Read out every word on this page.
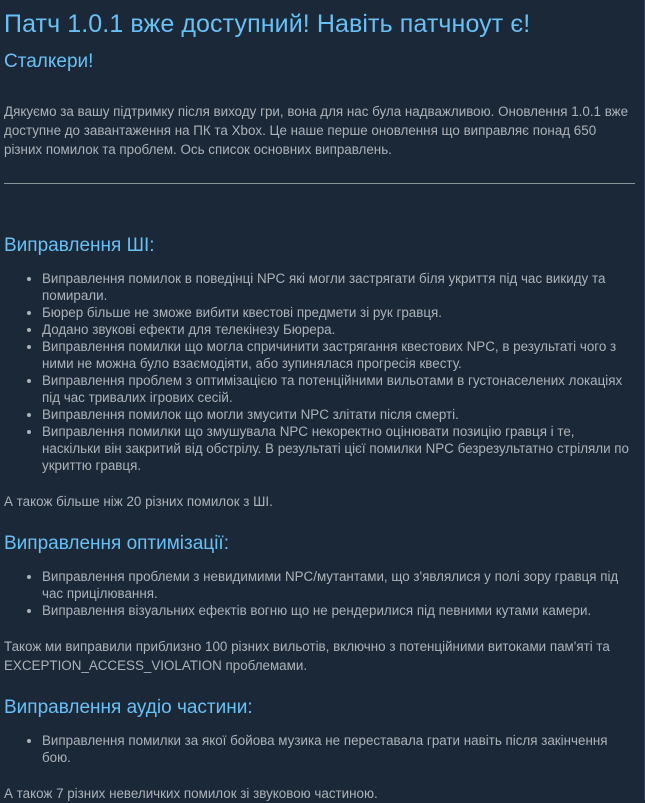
Патч 1.0.1 вже доступний! Навіть патчноут є!
Сталкери!

Дякуємо за вашу підтримку після виходу гри, вона для нас була надважливою. Оновлення 1.0.1 вже доступне до завантаження на ПК та Xbox. Це наше перше оновлення що виправляє понад 650 різних помилок та проблем. Ось список основних виправлень.

Виправлення ШІ:
Виправлення помилок в поведінці NPC які могли застрягати біля укриття під час викиду та помирали.
Бюрер більше не зможе вибити квестові предмети зі рук гравця.
Додано звукові ефекти для телекінезу Бюрера.
Виправлення помилки що могла спричинити застрягання квестових NPC, в результаті чого з ними не можна було взаємодіяти, або зупинялася прогресія квесту.
Виправлення проблем з оптимізацією та потенційними вильотами в густонаселених локаціях під час тривалих ігрових сесій.
Виправлення помилок що могли змусити NPC злітати після смерті.
Виправлення помилки що змушувала NPC некоректно оцінювати позицію гравця і те, наскільки він закритий від обстрілу. В результаті цієї помилки NPC безрезультатно стріляли по укриттю гравця.

А також більше ніж 20 різних помилок з ШІ.

Виправлення оптимізації:
Виправлення проблеми з невидимими NPC/мутантами, що з'являлися у полі зору гравця під час прицілювання.
Виправлення візуальних ефектів вогню що не рендерилися під певними кутами камери.

Також ми виправили приблизно 100 різних вильотів, включно з потенційними витоками пам'яті та EXCEPTION_ACCESS_VIOLATION проблемами.

Виправлення аудіо частини:
Виправлення помилки за якої бойова музика не переставала грати навіть після закінчення бою.

А також 7 різних невеличких помилок зі звуковою частиною.
